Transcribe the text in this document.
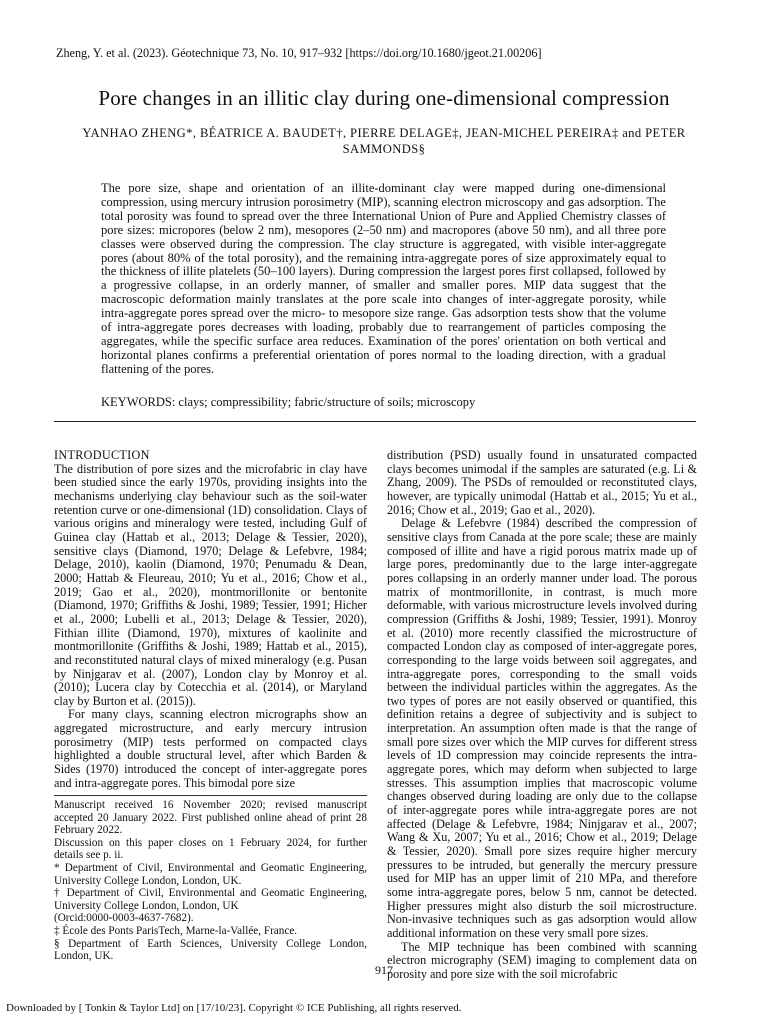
Zheng, Y. et al. (2023). Géotechnique 73, No. 10, 917–932 [https://doi.org/10.1680/jgeot.21.00206]
Pore changes in an illitic clay during one-dimensional compression
YANHAO ZHENG*, BÉATRICE A. BAUDET†, PIERRE DELAGE‡, JEAN-MICHEL PEREIRA‡ and PETER SAMMONDS§
The pore size, shape and orientation of an illite-dominant clay were mapped during one-dimensional compression, using mercury intrusion porosimetry (MIP), scanning electron microscopy and gas adsorption. The total porosity was found to spread over the three International Union of Pure and Applied Chemistry classes of pore sizes: micropores (below 2 nm), mesopores (2–50 nm) and macropores (above 50 nm), and all three pore classes were observed during the compression. The clay structure is aggregated, with visible inter-aggregate pores (about 80% of the total porosity), and the remaining intra-aggregate pores of size approximately equal to the thickness of illite platelets (50–100 layers). During compression the largest pores first collapsed, followed by a progressive collapse, in an orderly manner, of smaller and smaller pores. MIP data suggest that the macroscopic deformation mainly translates at the pore scale into changes of inter-aggregate porosity, while intra-aggregate pores spread over the micro- to mesopore size range. Gas adsorption tests show that the volume of intra-aggregate pores decreases with loading, probably due to rearrangement of particles composing the aggregates, while the specific surface area reduces. Examination of the pores' orientation on both vertical and horizontal planes confirms a preferential orientation of pores normal to the loading direction, with a gradual flattening of the pores.
KEYWORDS: clays; compressibility; fabric/structure of soils; microscopy
INTRODUCTION

The distribution of pore sizes and the microfabric in clay have been studied since the early 1970s, providing insights into the mechanisms underlying clay behaviour such as the soil-water retention curve or one-dimensional (1D) consolidation. Clays of various origins and mineralogy were tested, including Gulf of Guinea clay (Hattab et al., 2013; Delage & Tessier, 2020), sensitive clays (Diamond, 1970; Delage & Lefebvre, 1984; Delage, 2010), kaolin (Diamond, 1970; Penumadu & Dean, 2000; Hattab & Fleureau, 2010; Yu et al., 2016; Chow et al., 2019; Gao et al., 2020), montmorillonite or bentonite (Diamond, 1970; Griffiths & Joshi, 1989; Tessier, 1991; Hicher et al., 2000; Lubelli et al., 2013; Delage & Tessier, 2020), Fithian illite (Diamond, 1970), mixtures of kaolinite and montmorillonite (Griffiths & Joshi, 1989; Hattab et al., 2015), and reconstituted natural clays of mixed mineralogy (e.g. Pusan by Ninjgarav et al. (2007), London clay by Monroy et al. (2010); Lucera clay by Cotecchia et al. (2014), or Maryland clay by Burton et al. (2015)).

For many clays, scanning electron micrographs show an aggregated microstructure, and early mercury intrusion porosimetry (MIP) tests performed on compacted clays highlighted a double structural level, after which Barden & Sides (1970) introduced the concept of inter-aggregate pores and intra-aggregate pores. This bimodal pore size

Manuscript received 16 November 2020; revised manuscript accepted 20 January 2022. First published online ahead of print 28 February 2022.

Discussion on this paper closes on 1 February 2024, for further details see p. ii.

* Department of Civil, Environmental and Geomatic Engineering, University College London, London, UK.

† Department of Civil, Environmental and Geomatic Engineering, University College London, London, UK

(Orcid:0000-0003-4637-7682).

‡ École des Ponts ParisTech, Marne-la-Vallée, France.

§ Department of Earth Sciences, University College London, London, UK.

distribution (PSD) usually found in unsaturated compacted clays becomes unimodal if the samples are saturated (e.g. Li & Zhang, 2009). The PSDs of remoulded or reconstituted clays, however, are typically unimodal (Hattab et al., 2015; Yu et al., 2016; Chow et al., 2019; Gao et al., 2020).

Delage & Lefebvre (1984) described the compression of sensitive clays from Canada at the pore scale; these are mainly composed of illite and have a rigid porous matrix made up of large pores, predominantly due to the large inter-aggregate pores collapsing in an orderly manner under load. The porous matrix of montmorillonite, in contrast, is much more deformable, with various microstructure levels involved during compression (Griffiths & Joshi, 1989; Tessier, 1991). Monroy et al. (2010) more recently classified the microstructure of compacted London clay as composed of inter-aggregate pores, corresponding to the large voids between soil aggregates, and intra-aggregate pores, corresponding to the small voids between the individual particles within the aggregates. As the two types of pores are not easily observed or quantified, this definition retains a degree of subjectivity and is subject to interpretation. An assumption often made is that the range of small pore sizes over which the MIP curves for different stress levels of 1D compression may coincide represents the intra-aggregate pores, which may deform when subjected to large stresses. This assumption implies that macroscopic volume changes observed during loading are only due to the collapse of inter-aggregate pores while intra-aggregate pores are not affected (Delage & Lefebvre, 1984; Ninjgarav et al., 2007; Wang & Xu, 2007; Yu et al., 2016; Chow et al., 2019; Delage & Tessier, 2020). Small pore sizes require higher mercury pressures to be intruded, but generally the mercury pressure used for MIP has an upper limit of 210 MPa, and therefore some intra-aggregate pores, below 5 nm, cannot be detected. Higher pressures might also disturb the soil microstructure. Non-invasive techniques such as gas adsorption would allow additional information on these very small pore sizes.

The MIP technique has been combined with scanning electron micrography (SEM) imaging to complement data on porosity and pore size with the soil microfabric

917
Downloaded by [ Tonkin & Taylor Ltd] on [17/10/23]. Copyright © ICE Publishing, all rights reserved.
